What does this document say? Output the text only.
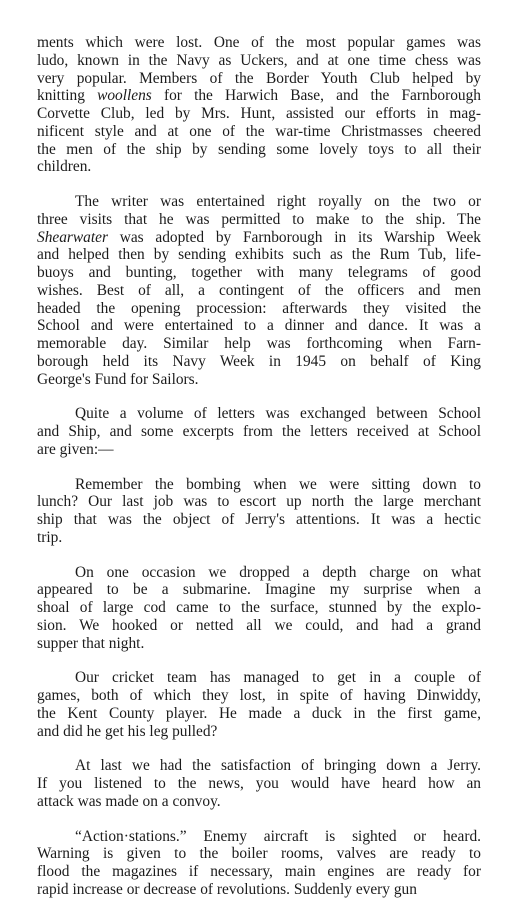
ments which were lost. One of the most popular games was
ludo, known in the Navy as Uckers, and at one time chess was
very popular. Members of the Border Youth Club helped by
knitting woollens for the Harwich Base, and the Farnborough
Corvette Club, led by Mrs. Hunt, assisted our efforts in mag-
nificent style and at one of the war-time Christmasses cheered
the men of the ship by sending some lovely toys to all their
children.
The writer was entertained right royally on the two or
three visits that he was permitted to make to the ship. The
Shearwater was adopted by Farnborough in its Warship Week
and helped then by sending exhibits such as the Rum Tub, life-
buoys and bunting, together with many telegrams of good
wishes. Best of all, a contingent of the officers and men
headed the opening procession: afterwards they visited the
School and were entertained to a dinner and dance. It was a
memorable day. Similar help was forthcoming when Farn-
borough held its Navy Week in 1945 on behalf of King
George's Fund for Sailors.
Quite a volume of letters was exchanged between School
and Ship, and some excerpts from the letters received at School
are given:—
Remember the bombing when we were sitting down to
lunch? Our last job was to escort up north the large merchant
ship that was the object of Jerry's attentions. It was a hectic
trip.
On one occasion we dropped a depth charge on what
appeared to be a submarine. Imagine my surprise when a
shoal of large cod came to the surface, stunned by the explo-
sion. We hooked or netted all we could, and had a grand
supper that night.
Our cricket team has managed to get in a couple of
games, both of which they lost, in spite of having Dinwiddy,
the Kent County player. He made a duck in the first game,
and did he get his leg pulled?
At last we had the satisfaction of bringing down a Jerry.
If you listened to the news, you would have heard how an
attack was made on a convoy.
“Action·stations.” Enemy aircraft is sighted or heard.
Warning is given to the boiler rooms, valves are ready to
flood the magazines if necessary, main engines are ready for
rapid increase or decrease of revolutions. Suddenly every gun
